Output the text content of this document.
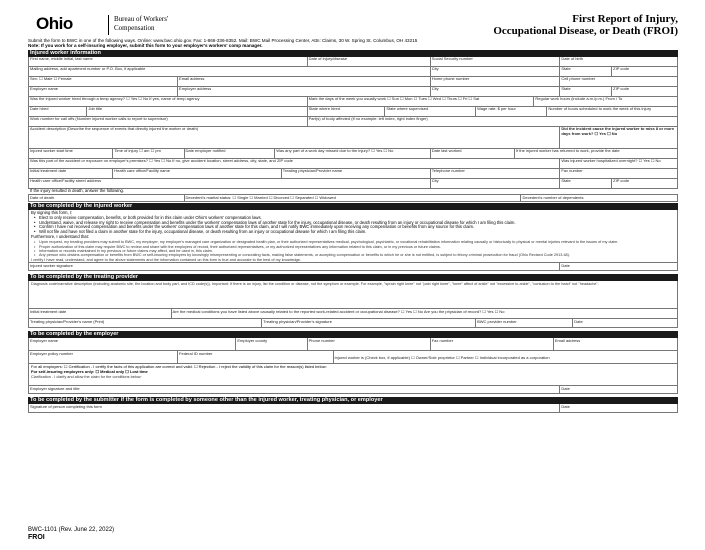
Ohio	Bureau of Workers'
Compensation
First Report of Injury,
Occupational Disease, or Death (FROI)
Submit the form to BWC in one of the following ways. Online: www.bwc.ohio.gov. Fax: 1-866-336-8352. Mail: BWC Mail Processing Center, Attn: Claims, 30 W. Spring St. Columbus, OH 43215
Note: If you work for a self-insuring employer, submit this form to your employer's workers' comp manager.
Injured worker information
First name, middle initial, last name	Date of injury/disease	Social Security number	Date of birth
Mailing address, add apartment number or P.O. Box, if applicable	City	State	ZIP code
Sex: ☐ Male ☐ Female	Email address	Home phone number	Cell phone number
Employer name	Employer address	City	State	ZIP code
Was the injured worker hired through a temp agency? ☐ Yes ☐ No If yes, name of temp agency	Mark the days of the week you usually work ☐ Sun ☐ Mon ☐ Tues ☐ Wed ☐ Thurs ☐ Fri ☐ Sat	Regular work hours (include a.m./p.m.) From / To
Date hired	Job title	State where hired	State where supervised	Wage rate: $ per hour	Number of hours scheduled to work the week of this injury
Work number for call offs (Number injured worker calls to report to supervisor)	Part(s) of body affected (if no example: left index, right index finger)
Accident description (Describe the sequence of events that directly injured the worker or death)	Did the incident cause the injured worker to miss 8 or more days from work? ☐ Yes ☐ No
Injured worker start time	Time of injury ☐ am ☐ pm	Date employer notified	Was any part of a work day missed due to the injury? ☐ Yes ☐ No	Date last worked	If the injured worker has returned to work, provide the date
Was this part of the accident or exposure on employer's premises? ☐ Yes ☐ No If no, give accident location, street address, city, state, and ZIP code	Was injured worker hospitalized overnight? ☐ Yes ☐ No
Initial treatment date	Health care office/Facility name	Treating physician/Provider name	Telephone number	Fax number
Health care office/Facility street address	City	State	ZIP code
If the injury resulted in death, answer the following.
Date of death	Decedent's marital status: ☐ Single ☐ Married ☐ Divorced ☐ Separated ☐ Widowed	Decedent's number of dependents
To be completed by the injured worker
By signing this form, I:
• Elect to only receive compensation, benefits, or both provided for in this claim under Ohio's workers' compensation laws.
• Understand, waive, and release my right to receive compensation and benefits under the workers' compensation laws of another state for the injury, occupational disease, or death resulting from an injury or occupational disease for which I am filing this claim.
• Confirm I have not received compensation and benefits under the workers' compensation laws of another state for this claim, and I will notify BWC immediately upon receiving any compensation or benefits from any source for this claim.
• Will not file and have not filed a claim in another state for the injury, occupational disease, or death resulting from an injury or occupational disease for which I am filing this claim.
Furthermore, I understand that:
• Upon request, my treating providers may submit to BWC, my employer, my employer's managed care organization or designated health plan, or their authorized representatives medical, psychological, psychiatric, or vocational rehabilitation information relating causally or historically to physical or mental injuries relevant to the issues of my claim.
• Proper authorization of this claim may require BWC to review and share with the employers of record, their authorized representatives, or my authorized representatives any information related to this claim, or in my previous or future claims.
• Information or records maintained in my previous or future claims may affect, and be used in, this claim.
• Any person who obtains compensation or benefits from BWC or self-insuring employers by knowingly misrepresenting or concealing facts, making false statements, or accepting compensation or benefits to which he or she is not entitled, is subject to felony criminal prosecution for fraud (Ohio Revised Code 2913.48).
I certify I have read, understand, and agree to the above statements and the information contained on this form is true and accurate to the best of my knowledge.
Injured worker signature	Date
To be completed by the treating provider
Diagnosis code/narrative description (including anatomic site, the location and body part, and ICD code(s)). Important: If there is an injury, list the condition or disease, not the symptom or example. For example, "sprain right knee" not "pain right knee", "knee" affect of ankle" not "excessive to ankle", "contusion to the head" not "headache".
Initial treatment date	Are the medical conditions you have listed above causally related to the reported work-related accident or occupational disease? ☐ Yes ☐ No Are you the physician of record? ☐ Yes ☐ No
Treating physician/Provider's name (Print)	Treating physician/Provider's signature	BWC provider number	Date
To be completed by the employer
Employer name	Employer county	Phone number	Fax number	Email address
Employer policy number	Federal ID number
Injured worker is (Check box, if applicable) ☐ Owner/Sole proprietor ☐ Partner ☐ Individual incorporated as a corporation
For all employers: ☐ Certification - I certify the facts of this application are correct and valid. ☐ Rejection - I reject the validity of this claim for the reason(s) listed below:
For self-insuring employers only: ☐ Medical only ☐ Lost time
Clarification - I clarify and allow the claim for the conditions below:
Employer signature and title	Date
To be completed by the submitter if the form is completed by someone other than the injured worker, treating physician, or employer
Signature of person completing this form	Date
BWC-1101 (Rev. June 22, 2022)
FROI
